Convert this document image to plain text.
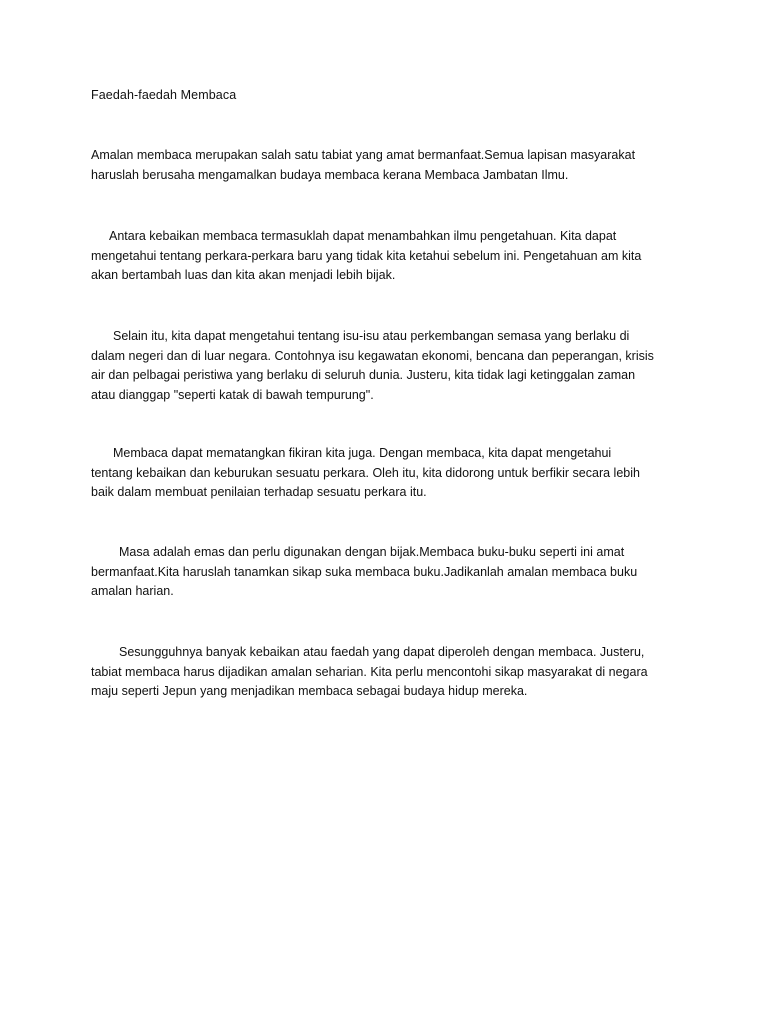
Faedah-faedah Membaca

Amalan membaca merupakan salah satu tabiat yang amat bermanfaat.Semua lapisan masyarakat
haruslah berusaha mengamalkan budaya membaca kerana Membaca Jambatan Ilmu.

Antara kebaikan membaca termasuklah dapat menambahkan ilmu pengetahuan. Kita dapat
mengetahui tentang perkara-perkara baru yang tidak kita ketahui sebelum ini. Pengetahuan am kita
akan bertambah luas dan kita akan menjadi lebih bijak.

Selain itu, kita dapat mengetahui tentang isu-isu atau perkembangan semasa yang berlaku di
dalam negeri dan di luar negara. Contohnya isu kegawatan ekonomi, bencana dan peperangan, krisis
air dan pelbagai peristiwa yang berlaku di seluruh dunia. Justeru, kita tidak lagi ketinggalan zaman
atau dianggap "seperti katak di bawah tempurung".

Membaca dapat mematangkan fikiran kita juga. Dengan membaca, kita dapat mengetahui
tentang kebaikan dan keburukan sesuatu perkara. Oleh itu, kita didorong untuk berfikir secara lebih
baik dalam membuat penilaian terhadap sesuatu perkara itu.

Masa adalah emas dan perlu digunakan dengan bijak.Membaca buku-buku seperti ini amat
bermanfaat.Kita haruslah tanamkan sikap suka membaca buku.Jadikanlah amalan membaca buku
amalan harian.

Sesungguhnya banyak kebaikan atau faedah yang dapat diperoleh dengan membaca. Justeru,
tabiat membaca harus dijadikan amalan seharian. Kita perlu mencontohi sikap masyarakat di negara
maju seperti Jepun yang menjadikan membaca sebagai budaya hidup mereka.
